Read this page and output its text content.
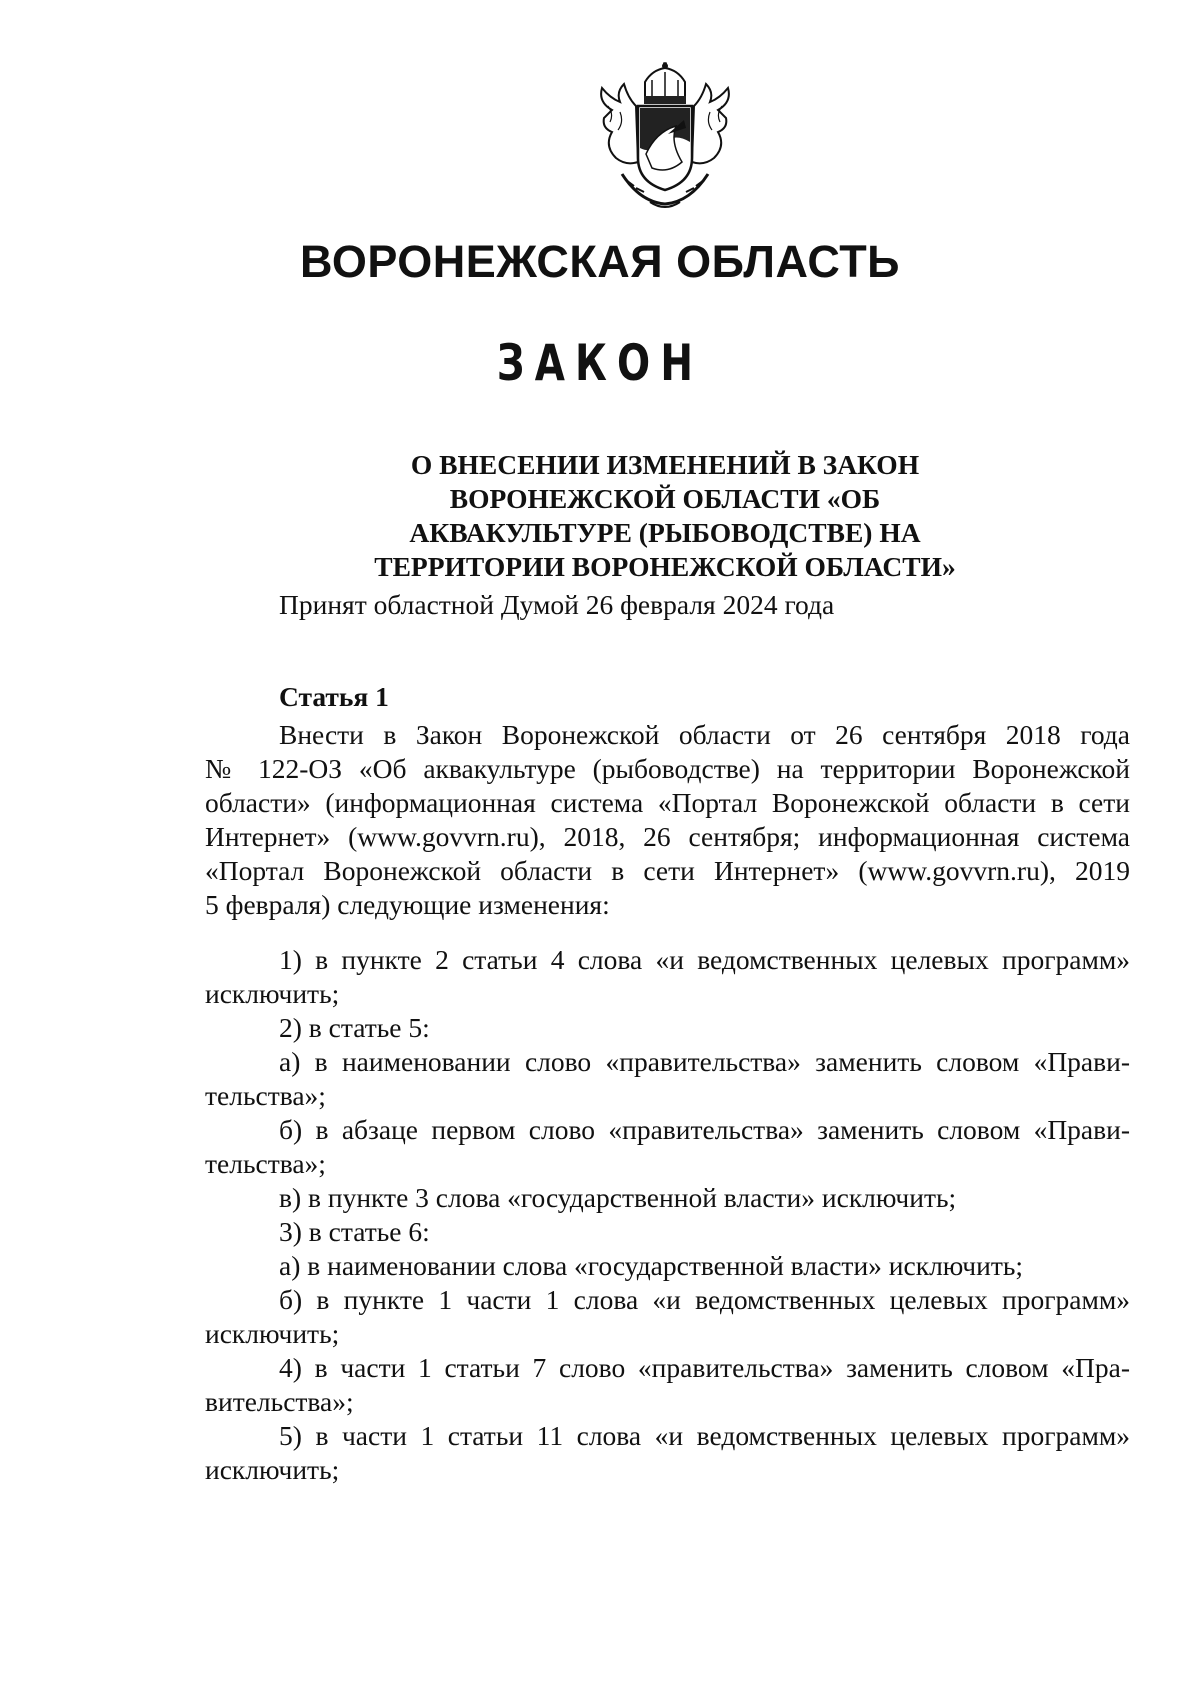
ВОРОНЕЖСКАЯ ОБЛАСТЬ
ЗАКОН
О ВНЕСЕНИИ ИЗМЕНЕНИЙ В ЗАКОН
ВОРОНЕЖСКОЙ ОБЛАСТИ «ОБ
АКВАКУЛЬТУРЕ (РЫБОВОДСТВЕ) НА
ТЕРРИТОРИИ ВОРОНЕЖСКОЙ ОБЛАСТИ»

Принят областной Думой 26 февраля 2024 года

Статья 1

Внести в Закон Воронежской области от 26 сентября 2018 года

№ 122-ОЗ «Об аквакультуре (рыбоводстве) на территории Воронежской

области» (информационная система «Портал Воронежской области в сети

Интернет» (www.govvrn.ru), 2018, 26 сентября; информационная система

«Портал Воронежской области в сети Интернет» (www.govvrn.ru), 2019

5 февраля) следующие изменения:

1) в пункте 2 статьи 4 слова «и ведомственных целевых программ»

исключить;

2) в статье 5:

а) в наименовании слово «правительства» заменить словом «Прави-

тельства»;

б) в абзаце первом слово «правительства» заменить словом «Прави-

тельства»;

в) в пункте 3 слова «государственной власти» исключить;

3) в статье 6:

а) в наименовании слова «государственной власти» исключить;

б) в пункте 1 части 1 слова «и ведомственных целевых программ»

исключить;

4) в части 1 статьи 7 слово «правительства» заменить словом «Пра-

вительства»;

5) в части 1 статьи 11 слова «и ведомственных целевых программ»

исключить;
